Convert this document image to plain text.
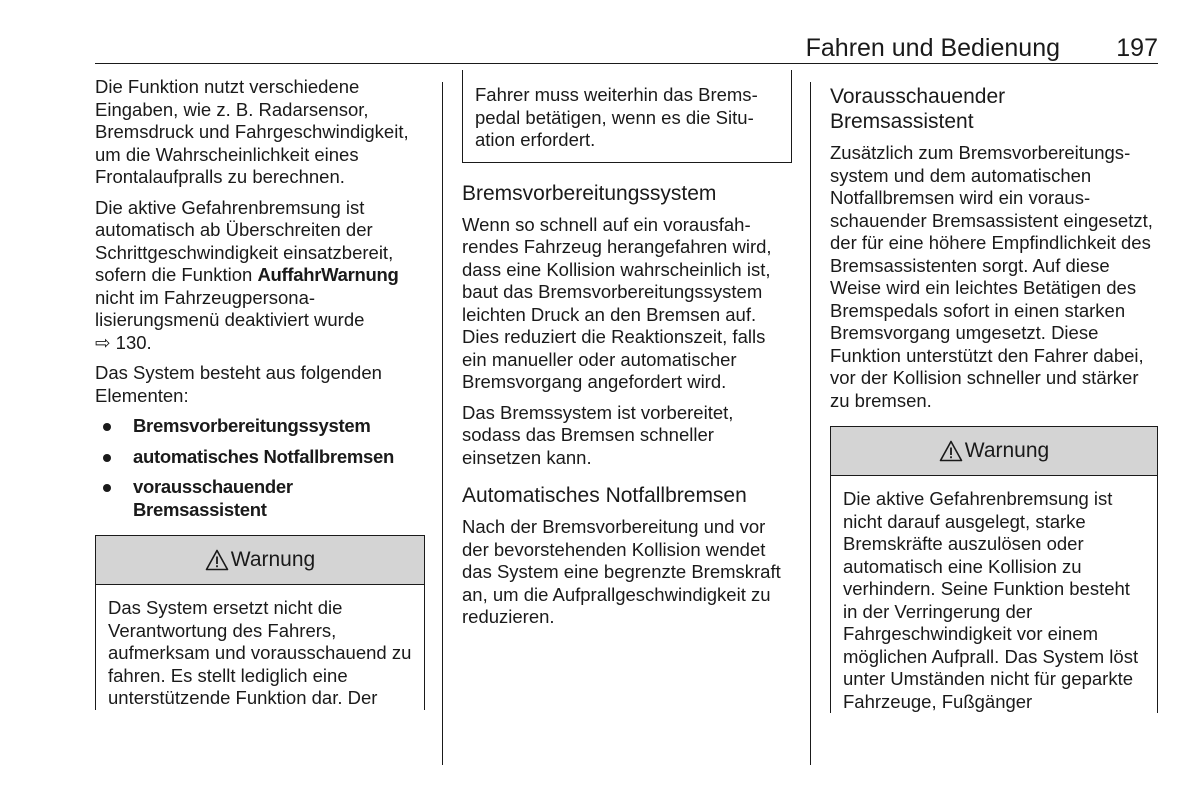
Fahren und Bedienung	197

Die Funktion nutzt verschiedene Eingaben, wie z. B. Radarsensor, Bremsdruck und Fahrgeschwindigkeit, um die Wahrscheinlichkeit eines Frontalaufpralls zu berechnen.

Die aktive Gefahrenbremsung ist automatisch ab Überschreiten der Schrittgeschwindigkeit einsatzbereit, sofern die Funktion AuffahrWarnung nicht im Fahrzeugpersonalisierungsmenü deaktiviert wurde
⇨ 130.

Das System besteht aus folgenden Elementen:

Bremsvorbereitungssystem
automatisches Notfallbremsen
vorausschauender Bremsassistent
Warnung
Das System ersetzt nicht die Verantwortung des Fahrers, aufmerksam und vorausschauend zu fahren. Es stellt lediglich eine unterstützende Funktion dar. Der
Fahrer muss weiterhin das Bremspedal betätigen, wenn es die Situation erfordert.
Bremsvorbereitungssystem

Wenn so schnell auf ein vorausfahrendes Fahrzeug herangefahren wird, dass eine Kollision wahrscheinlich ist, baut das Bremsvorbereitungssystem leichten Druck an den Bremsen auf. Dies reduziert die Reaktionszeit, falls ein manueller oder automatischer Bremsvorgang angefordert wird.

Das Bremssystem ist vorbereitet, sodass das Bremsen schneller einsetzen kann.

Automatisches Notfallbremsen

Nach der Bremsvorbereitung und vor der bevorstehenden Kollision wendet das System eine begrenzte Bremskraft an, um die Aufprallgeschwindigkeit zu reduzieren.

Vorausschauender Bremsassistent

Zusätzlich zum Bremsvorbereitungssystem und dem automatischen Notfallbremsen wird ein vorausschauender Bremsassistent eingesetzt, der für eine höhere Empfindlichkeit des Bremsassistenten sorgt. Auf diese Weise wird ein leichtes Betätigen des Bremspedals sofort in einen starken Bremsvorgang umgesetzt. Diese Funktion unterstützt den Fahrer dabei, vor der Kollision schneller und stärker zu bremsen.

Warnung
Die aktive Gefahrenbremsung ist nicht darauf ausgelegt, starke Bremskräfte auszulösen oder automatisch eine Kollision zu verhindern. Seine Funktion besteht in der Verringerung der Fahrgeschwindigkeit vor einem möglichen Aufprall. Das System löst unter Umständen nicht für geparkte Fahrzeuge, Fußgänger
